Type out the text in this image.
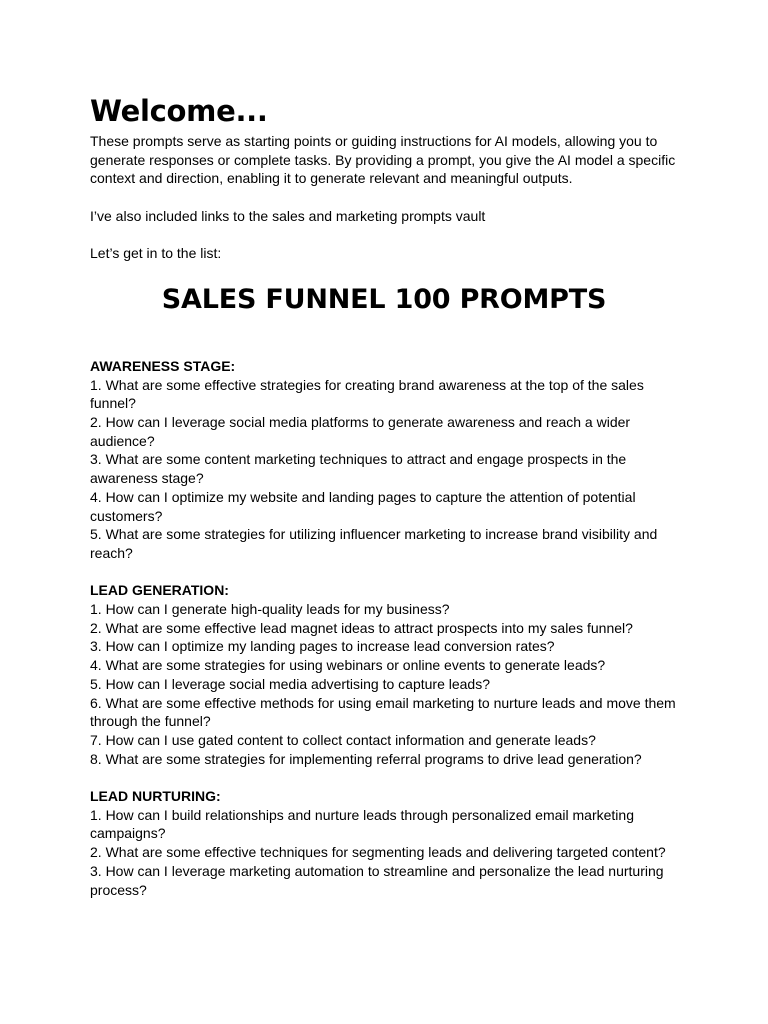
Welcome...

These prompts serve as starting points or guiding instructions for AI models, allowing you to generate responses or complete tasks. By providing a prompt, you give the AI model a specific context and direction, enabling it to generate relevant and meaningful outputs.

I’ve also included links to the sales and marketing prompts vault

Let’s get in to the list:

SALES FUNNEL 100 PROMPTS

AWARENESS STAGE:

1. What are some effective strategies for creating brand awareness at the top of the sales funnel?

2. How can I leverage social media platforms to generate awareness and reach a wider audience?

3. What are some content marketing techniques to attract and engage prospects in the awareness stage?

4. How can I optimize my website and landing pages to capture the attention of potential customers?

5. What are some strategies for utilizing influencer marketing to increase brand visibility and reach?

LEAD GENERATION:

1. How can I generate high-quality leads for my business?

2. What are some effective lead magnet ideas to attract prospects into my sales funnel?

3. How can I optimize my landing pages to increase lead conversion rates?

4. What are some strategies for using webinars or online events to generate leads?

5. How can I leverage social media advertising to capture leads?

6. What are some effective methods for using email marketing to nurture leads and move them through the funnel?

7. How can I use gated content to collect contact information and generate leads?

8. What are some strategies for implementing referral programs to drive lead generation?

LEAD NURTURING:

1. How can I build relationships and nurture leads through personalized email marketing campaigns?

2. What are some effective techniques for segmenting leads and delivering targeted content?

3. How can I leverage marketing automation to streamline and personalize the lead nurturing process?
